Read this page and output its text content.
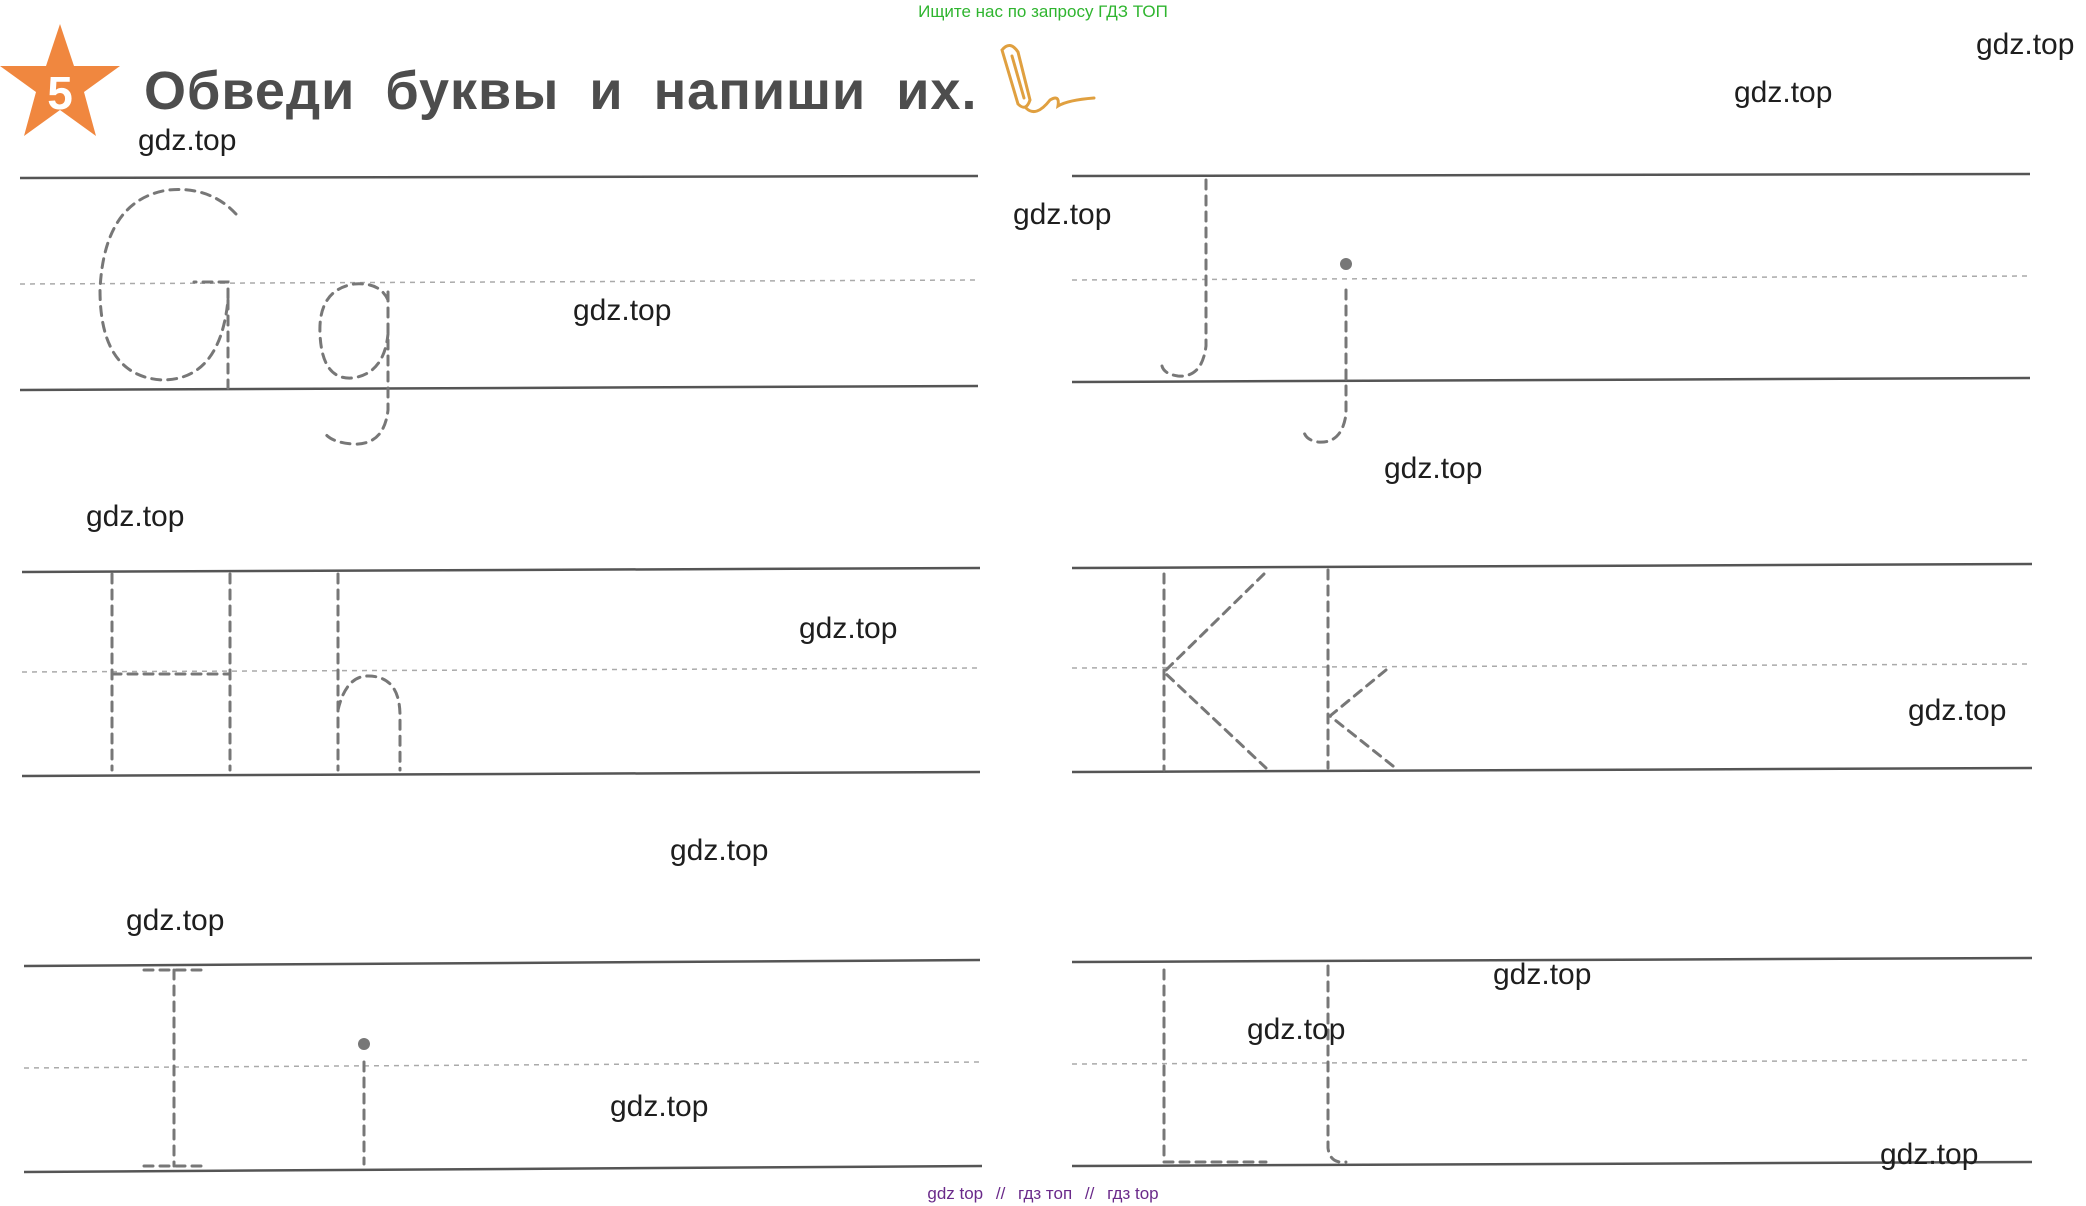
Ищите нас по запросу ГДЗ ТОП
5 Обведи буквы и напиши их.
gdz.top
gdz.top
gdz.top
gdz.top
gdz.top
gdz.top
gdz.top
gdz.top
gdz.top
gdz.top
gdz.top
gdz.top
gdz.top
gdz.top
gdz.top
gdz top // гдз топ // гдз top
